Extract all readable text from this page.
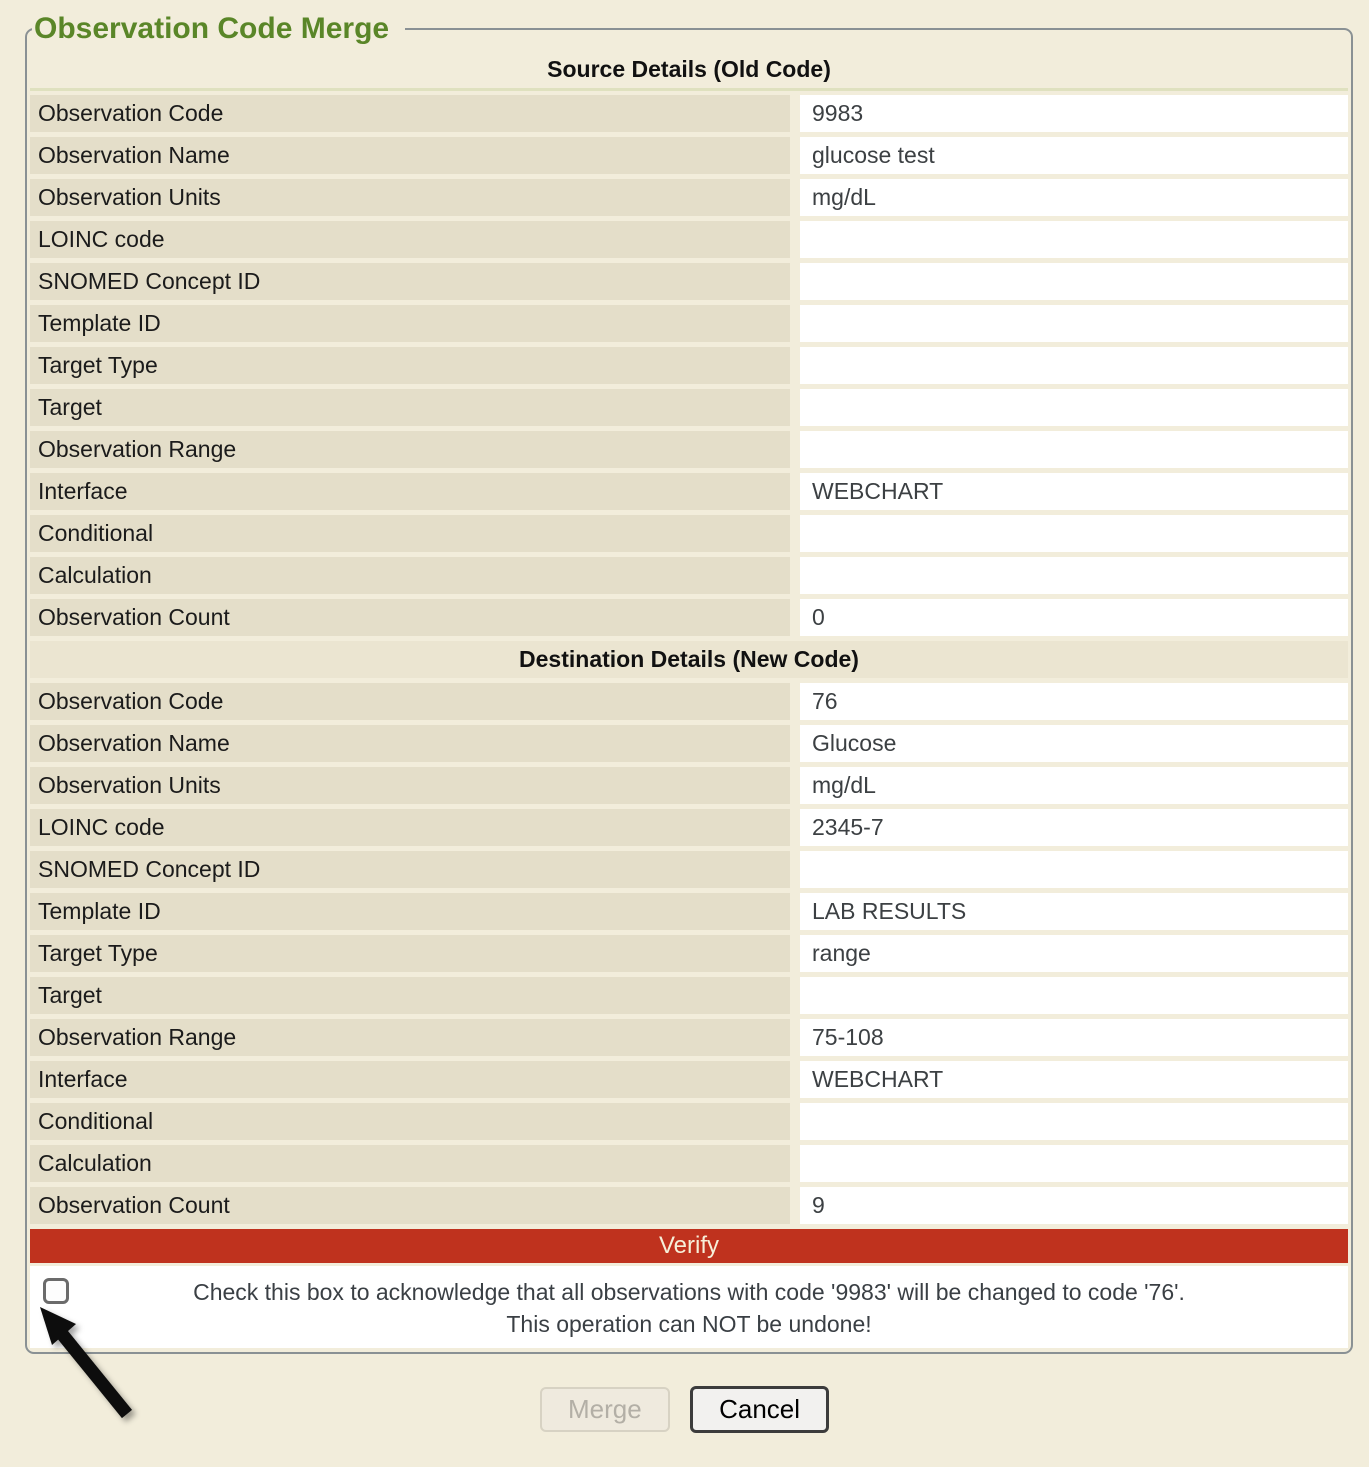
Observation Code Merge
Source Details (Old Code)
Observation Code	9983
Observation Name	glucose test
Observation Units	mg/dL
LOINC code
SNOMED Concept ID
Template ID
Target Type
Target
Observation Range
Interface	WEBCHART
Conditional
Calculation
Observation Count	0
Destination Details (New Code)
Observation Code	76
Observation Name	Glucose
Observation Units	mg/dL
LOINC code	2345-7
SNOMED Concept ID
Template ID	LAB RESULTS
Target Type	range
Target
Observation Range	75-108
Interface	WEBCHART
Conditional
Calculation
Observation Count	9
Verify
Check this box to acknowledge that all observations with code '9983' will be changed to code '76'.
This operation can NOT be undone!
Merge	Cancel
